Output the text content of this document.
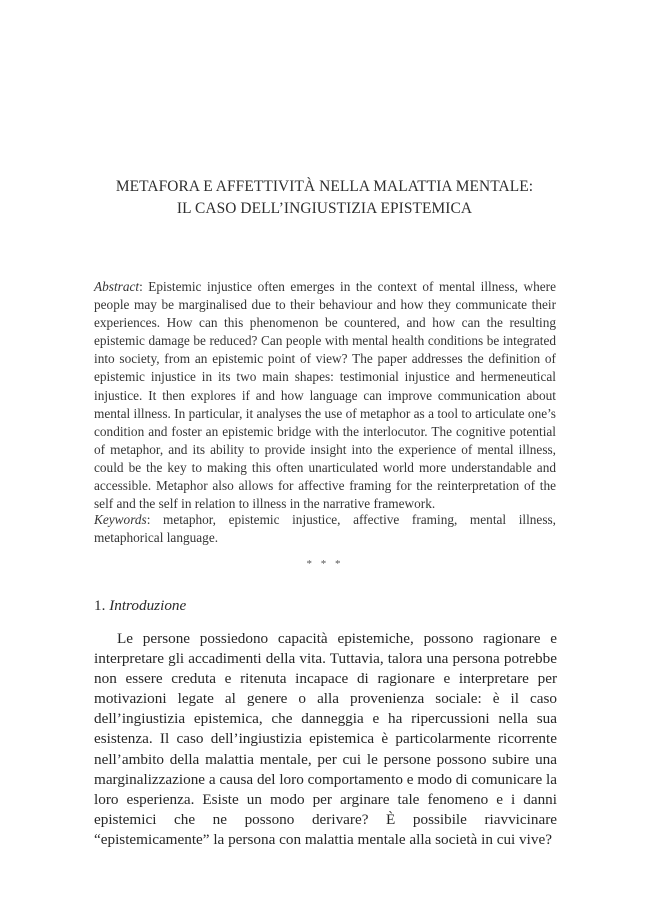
METAFORA E AFFETTIVITÀ NELLA MALATTIA MENTALE:
IL CASO DELL’INGIUSTIZIA EPISTEMICA
Abstract: Epistemic injustice often emerges in the context of mental illness, where people may be marginalised due to their behaviour and how they communicate their experiences. How can this phenomenon be countered, and how can the resulting epistemic damage be reduced? Can people with mental health conditions be integrated into society, from an epistemic point of view? The paper addresses the definition of epistemic injustice in its two main shapes: testimonial injustice and hermeneutical injustice. It then explores if and how language can improve communication about mental illness. In particular, it analyses the use of metaphor as a tool to articulate one’s condition and foster an epistemic bridge with the interlocutor. The cognitive potential of metaphor, and its ability to provide insight into the experience of mental illness, could be the key to making this often unarticulated world more understandable and accessible. Metaphor also allows for affective framing for the reinterpretation of the self and the self in relation to illness in the narrative framework.
Keywords: metaphor, epistemic injustice, affective framing, mental illness, metaphorical language.
* * *
1. Introduzione
Le persone possiedono capacità epistemiche, possono ragionare e interpretare gli accadimenti della vita. Tuttavia, talora una persona potrebbe non essere creduta e ritenuta incapace di ragionare e interpretare per motivazioni legate al genere o alla provenienza sociale: è il caso dell’ingiustizia epistemica, che danneggia e ha ripercussioni nella sua esistenza. Il caso dell’ingiustizia epistemica è particolarmente ricorrente nell’ambito della malattia mentale, per cui le persone possono subire una marginalizzazione a causa del loro comportamento e modo di comunicare la loro esperienza. Esiste un modo per arginare tale fenomeno e i danni epistemici che ne possono derivare? È possibile riavvicinare “epistemicamente” la persona con malattia mentale alla società in cui vive?
